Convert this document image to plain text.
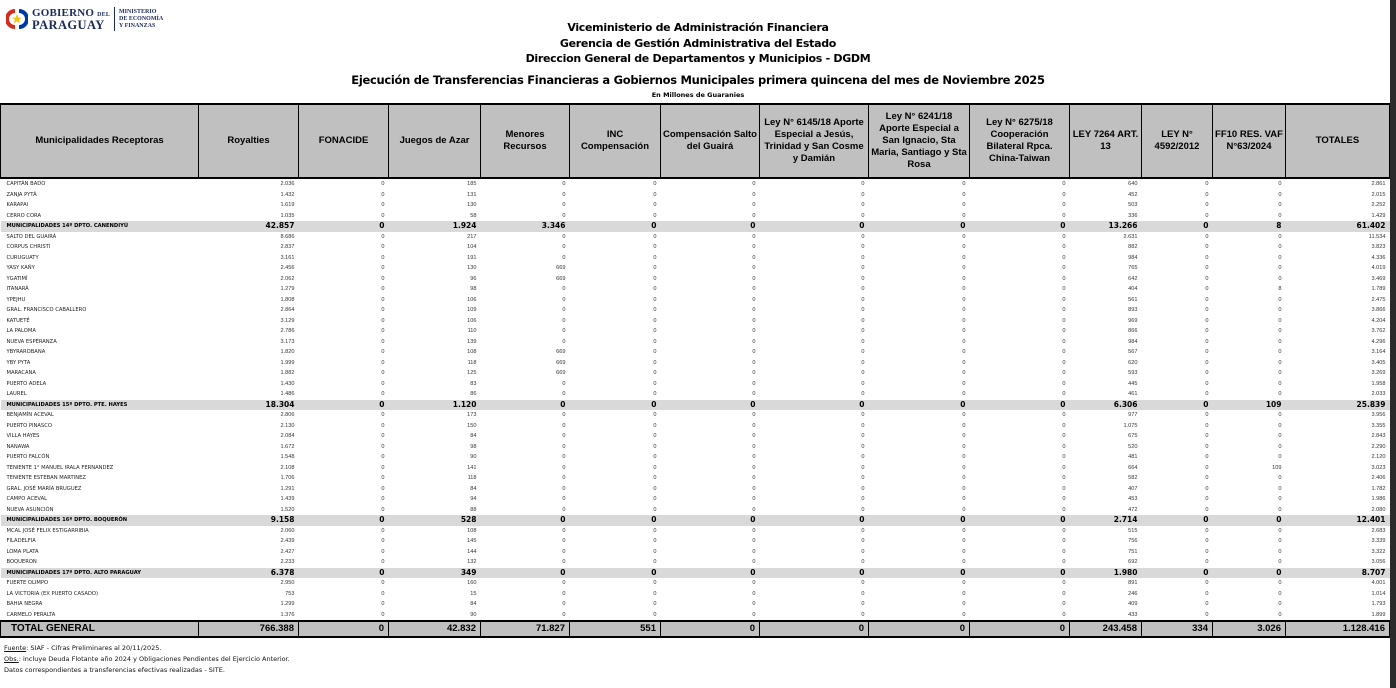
GOBIERNO DEL
PARAGUAY
MINISTERIO
DE ECONOMÍA
Y FINANZAS	Viceministerio de Administración Financiera
Gerencia de Gestión Administrativa del Estado
Direccion General de Departamentos y Municipios - DGDM
Ejecución de Transferencias Financieras a Gobiernos Municipales primera quincena del mes de Noviembre 2025
En Millones de Guaranies
Municipalidades Receptoras	Royalties	FONACIDE	Juegos de Azar	Menores Recursos	INC Compensación	Compensación Salto del Guairá	Ley N° 6145/18 Aporte Especial a Jesús, Trinidad y San Cosme y Damián	Ley N° 6241/18 Aporte Especial a San Ignacio, Sta Maria, Santiago y Sta Rosa	Ley N° 6275/18 Cooperación Bilateral Rpca. China-Taiwan	LEY 7264 ART. 13	LEY N° 4592/2012	FF10 RES. VAF N°63/2024	TOTALES
CAPITÁN BADO	2.036	0	185	0	0	0	0	0	0	640	0	0	2.861
ZANJA PYTÃ	1.432	0	131	0	0	0	0	0	0	452	0	0	2.015
KARAPAI	1.619	0	130	0	0	0	0	0	0	503	0	0	2.252
CERRO CORA	1.035	0	58	0	0	0	0	0	0	336	0	0	1.429
MUNICIPALIDADES 14º DPTO. CANENDIYÚ	42.857	0	1.924	3.346	0	0	0	0	0	13.266	0	8	61.402
SALTO DEL GUAIRÁ	8.686	0	217	0	0	0	0	0	0	2.631	0	0	11.534
CORPUS CHRISTI	2.837	0	104	0	0	0	0	0	0	882	0	0	3.823
CURUGUATY	3.161	0	191	0	0	0	0	0	0	984	0	0	4.336
YASY KAÑY	2.456	0	130	669	0	0	0	0	0	765	0	0	4.019
YGATIMÍ	2.062	0	96	669	0	0	0	0	0	642	0	0	3.469
ITANARÁ	1.279	0	98	0	0	0	0	0	0	404	0	8	1.789
YPEJHU	1.808	0	106	0	0	0	0	0	0	561	0	0	2.475
GRAL. FRANCISCO CABALLERO	2.864	0	109	0	0	0	0	0	0	893	0	0	3.866
KATUETÉ	3.129	0	106	0	0	0	0	0	0	969	0	0	4.204
LA PALOMA	2.786	0	110	0	0	0	0	0	0	866	0	0	3.762
NUEVA ESPERANZA	3.173	0	139	0	0	0	0	0	0	984	0	0	4.296
YBYRAROBANA	1.820	0	108	669	0	0	0	0	0	567	0	0	3.164
YBY PYTA	1.999	0	118	669	0	0	0	0	0	620	0	0	3.405
MARACANA	1.882	0	125	669	0	0	0	0	0	593	0	0	3.269
PUERTO ADELA	1.430	0	83	0	0	0	0	0	0	445	0	0	1.958
LAUREL	1.486	0	86	0	0	0	0	0	0	461	0	0	2.033
MUNICIPALIDADES 15º DPTO. PTE. HAYES	18.304	0	1.120	0	0	0	0	0	0	6.306	0	109	25.839
BENJAMÍN ACEVAL	2.806	0	173	0	0	0	0	0	0	977	0	0	3.956
PUERTO PINASCO	2.130	0	150	0	0	0	0	0	0	1.075	0	0	3.355
VILLA HAYES	2.084	0	84	0	0	0	0	0	0	675	0	0	2.843
NANAWA	1.672	0	98	0	0	0	0	0	0	520	0	0	2.290
PUERTO FALCÓN	1.548	0	90	0	0	0	0	0	0	481	0	0	2.120
TENIENTE 1° MANUEL IRALA FERNANDEZ	2.108	0	141	0	0	0	0	0	0	664	0	109	3.023
TENIENTE ESTEBAN MARTINEZ	1.706	0	118	0	0	0	0	0	0	582	0	0	2.406
GRAL. JOSÉ MARÍA BRUGUEZ	1.291	0	84	0	0	0	0	0	0	407	0	0	1.782
CAMPO ACEVAL	1.439	0	94	0	0	0	0	0	0	453	0	0	1.986
NUEVA ASUNCIÓN	1.520	0	88	0	0	0	0	0	0	472	0	0	2.080
MUNICIPALIDADES 16º DPTO. BOQUERÓN	9.158	0	528	0	0	0	0	0	0	2.714	0	0	12.401
MCAL JOSÉ FELIX ESTIGARRIBIA	2.060	0	108	0	0	0	0	0	0	515	0	0	2.683
FILADELFIA	2.439	0	145	0	0	0	0	0	0	756	0	0	3.339
LOMA PLATA	2.427	0	144	0	0	0	0	0	0	751	0	0	3.322
BOQUERON	2.233	0	132	0	0	0	0	0	0	692	0	0	3.056
MUNICIPALIDADES 17º DPTO. ALTO PARAGUAY	6.378	0	349	0	0	0	0	0	0	1.980	0	0	8.707
FUERTE OLIMPO	2.950	0	160	0	0	0	0	0	0	891	0	0	4.001
LA VICTORIA (EX PUERTO CASADO)	753	0	15	0	0	0	0	0	0	246	0	0	1.014
BAHIA NEGRA	1.299	0	84	0	0	0	0	0	0	409	0	0	1.793
CARMELO PERALTA	1.376	0	90	0	0	0	0	0	0	433	0	0	1.899
TOTAL GENERAL	766.388	0	42.832	71.827	551	0	0	0	0	243.458	334	3.026	1.128.416
Fuente: SIAF - Cifras Preliminares al 20/11/2025.
Obs.: incluye Deuda Flotante año 2024 y Obligaciones Pendientes del Ejercicio Anterior.
Datos correspondientes a transferencias efectivas realizadas - SITE.
